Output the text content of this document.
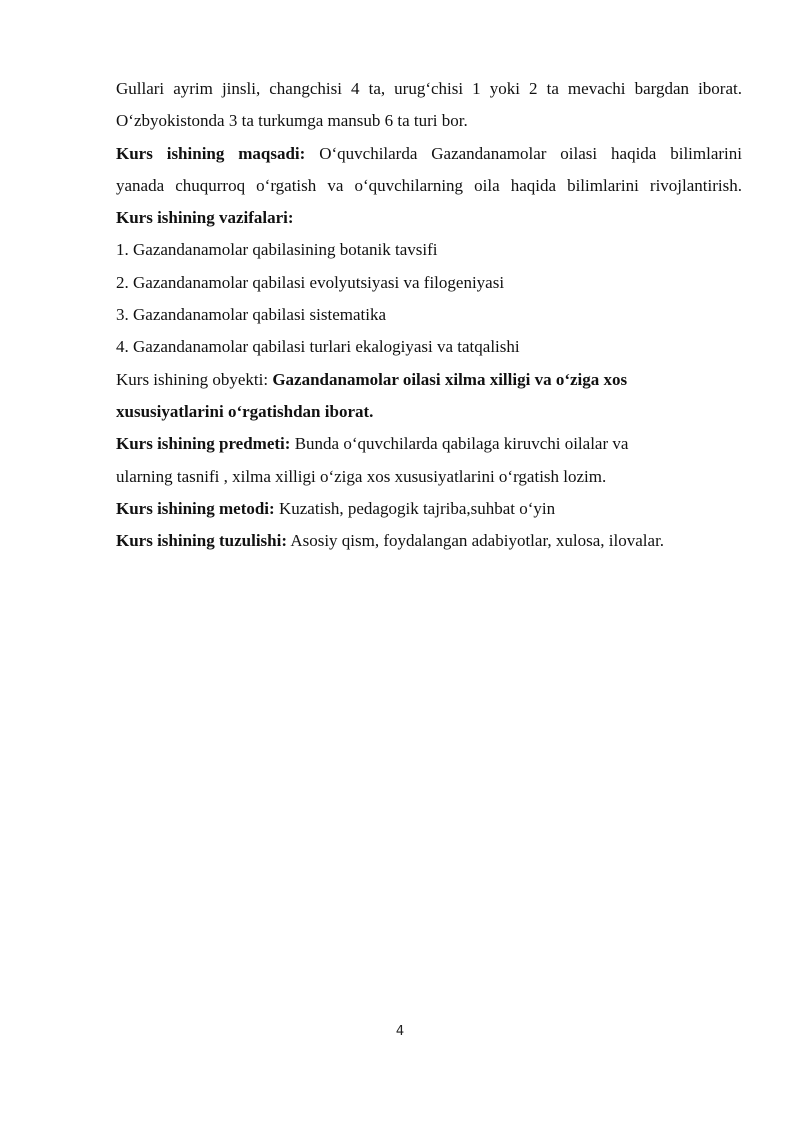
Gullari ayrim jinsli, changchisi 4 ta, urug‘chisi 1 yoki 2 ta mevachi bargdan iborat.
O‘zbyokistonda 3 ta turkumga mansub 6 ta turi bor.
Kurs ishining maqsadi: O‘quvchilarda Gazandanamolar oilasi haqida bilimlarini
yanada chuqurroq o‘rgatish va o‘quvchilarning oila haqida bilimlarini rivojlantirish.
Kurs ishining vazifalari:
1. Gazandanamolar qabilasining botanik tavsifi
2. Gazandanamolar qabilasi evolyutsiyasi va filogeniyasi
3. Gazandanamolar qabilasi sistematika
4. Gazandanamolar qabilasi turlari ekalogiyasi va tatqalishi
Kurs ishining obyekti: Gazandanamolar oilasi xilma xilligi va o‘ziga xos
xususiyatlarini o‘rgatishdan iborat.
Kurs ishining predmeti: Bunda o‘quvchilarda qabilaga kiruvchi oilalar va
ularning tasnifi , xilma xilligi o‘ziga xos xususiyatlarini o‘rgatish lozim.
Kurs ishining metodi: Kuzatish, pedagogik tajriba,suhbat o‘yin
Kurs ishining tuzulishi: Asosiy qism, foydalangan adabiyotlar, xulosa, ilovalar.
4
